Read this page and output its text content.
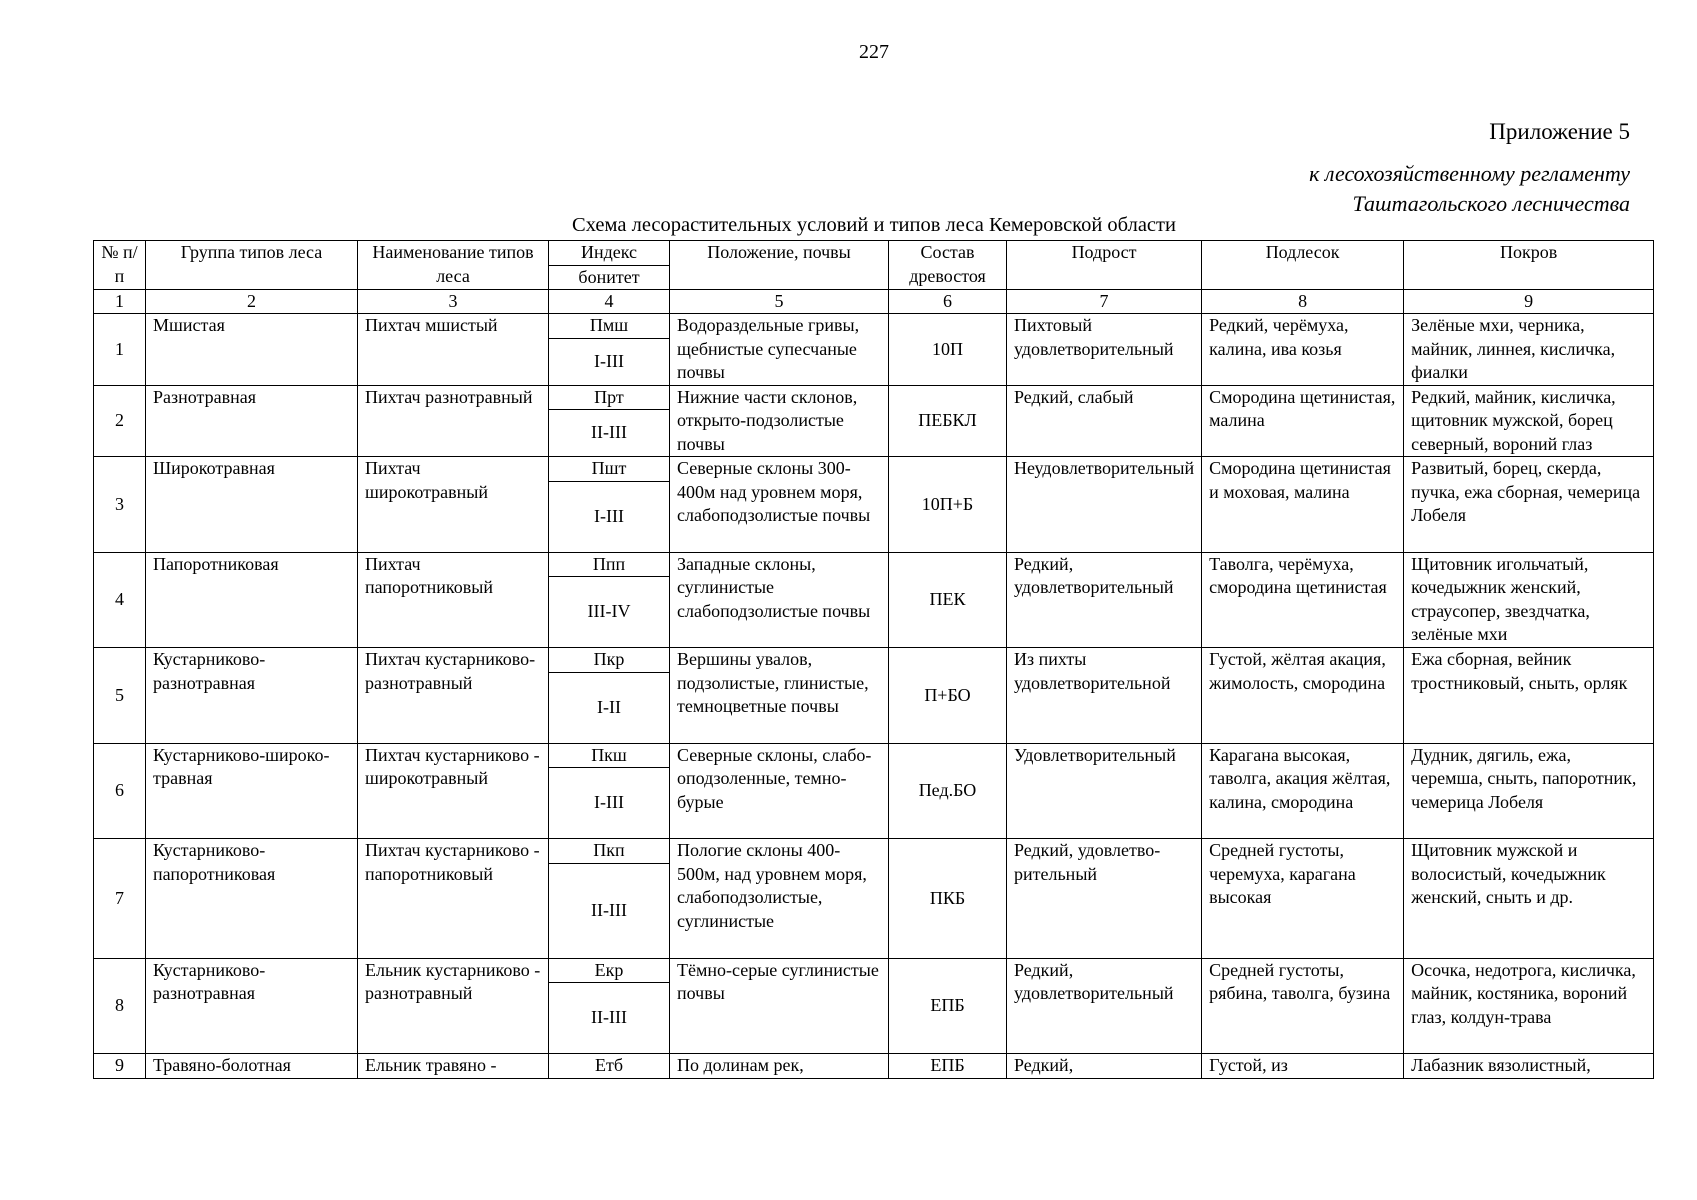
227
Приложение 5
к лесохозяйственному регламенту
Таштагольского лесничества
Схема лесорастительных условий и типов леса Кемеровской области
№ п/п	Группа типов леса	Наименование типов леса	Индекс	Положение, почвы	Состав древостоя	Подрост	Подлесок	Покров
			бонитет					
1	2	3	4	5	6	7	8	9
1	Мшистая	Пихтач мшистый	Пмш	Водораздельные гривы, щебнистые супесчаные почвы	10П	Пихтовый удовлетворительный	Редкий, черёмуха, калина, ива козья	Зелёные мхи, черника, майник, линнея, кисличка, фиалки
			I-III					
2	Разнотравная	Пихтач разнотравный	Прт	Нижние части склонов, открыто-подзолистые почвы	ПЕБКЛ	Редкий, слабый	Смородина щетинистая, малина	Редкий, майник, кисличка, щитовник мужской, борец северный, вороний глаз
			II-III					
3	Широкотравная	Пихтач широкотравный	Пшт	Северные склоны 300-400м над уровнем моря, слабоподзолистые почвы	10П+Б	Неудовлетворительный	Смородина щетинистая и моховая, малина	Развитый, борец, скерда, пучка, ежа сборная, чемерица Лобеля
			I-III					
4	Папоротниковая	Пихтач папоротниковый	Ппп	Западные склоны, суглинистые слабоподзолистые почвы	ПЕК	Редкий, удовлетворительный	Таволга, черёмуха, смородина щетинистая	Щитовник игольчатый, кочедыжник женский, страусопер, звездчатка, зелёные мхи
			III-IV					
5	Кустарниково-разнотравная	Пихтач кустарниково-разнотравный	Пкр	Вершины увалов, подзолистые, глинистые, темноцветные почвы	П+БО	Из пихты удовлетворительной	Густой, жёлтая акация, жимолость, смородина	Ежа сборная, вейник тростниковый, сныть, орляк
			I-II					
6	Кустарниково-широко-травная	Пихтач кустарниково - широкотравный	Пкш	Северные склоны, слабо-оподзоленные, темно-бурые	Пед.БО	Удовлетворительный	Карагана высокая, таволга, акация жёлтая, калина, смородина	Дудник, дягиль, ежа, черемша, сныть, папоротник, чемерица Лобеля
			I-III					
7	Кустарниково-папоротниковая	Пихтач кустарниково - папоротниковый	Пкп	Пологие склоны 400-500м, над уровнем моря, слабоподзолистые, суглинистые	ПКБ	Редкий, удовлетво-рительный	Средней густоты, черемуха, карагана высокая	Щитовник мужской и волосистый, кочедыжник женский, сныть и др.
			II-III					
8	Кустарниково-разнотравная	Ельник кустарниково - разнотравный	Екр	Тёмно-серые суглинистые почвы	ЕПБ	Редкий, удовлетворительный	Средней густоты, рябина, таволга, бузина	Осочка, недотрога, кисличка, майник, костяника, вороний глаз, колдун-трава
			II-III					
9	Травяно-болотная	Ельник травяно -	Етб	По долинам рек,	ЕПБ	Редкий,	Густой, из	Лабазник вязолистный,
